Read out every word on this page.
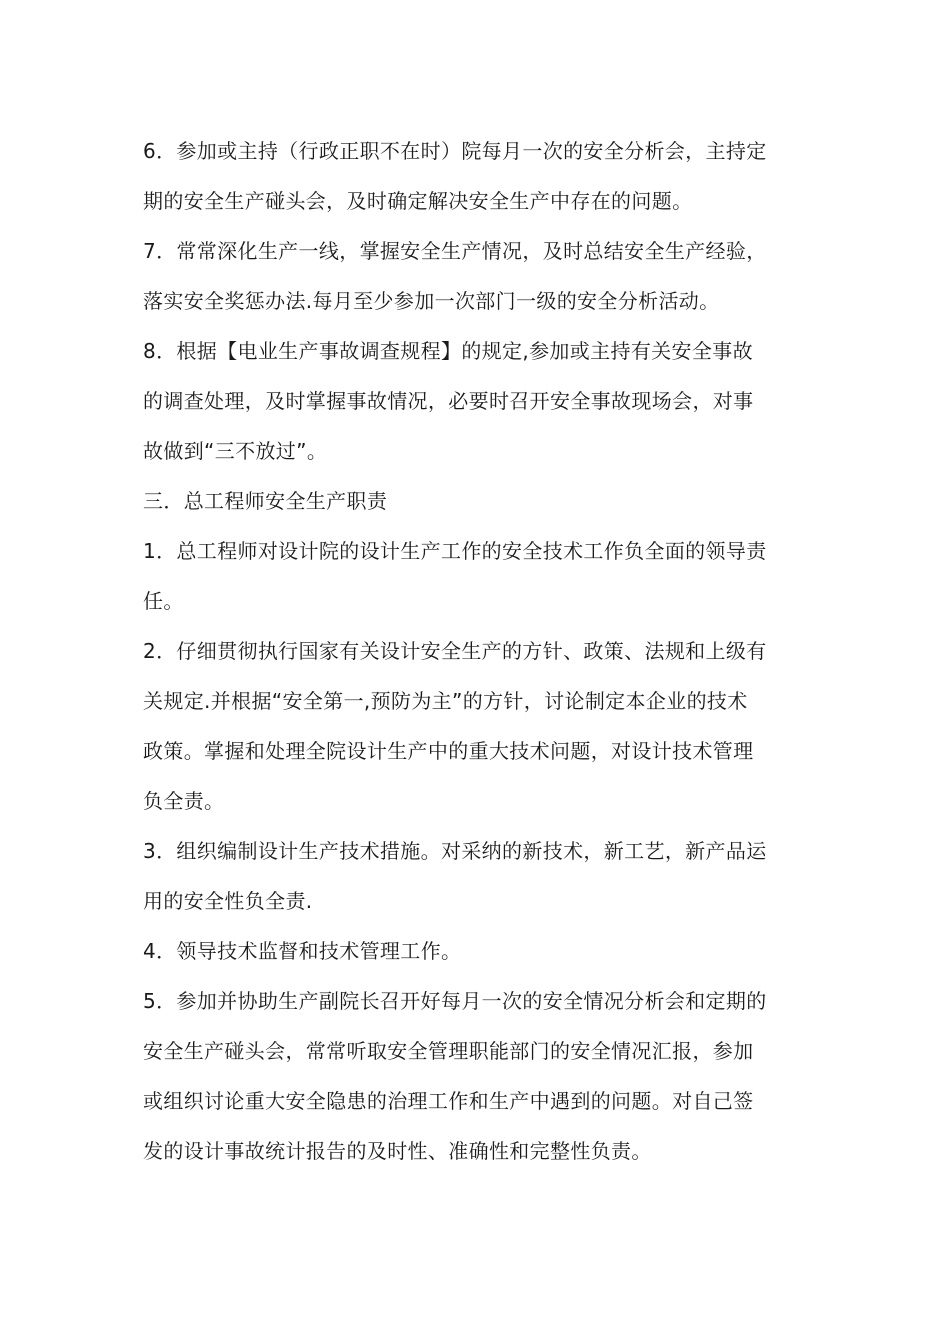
6．参加或主持（行政正职不在时）院每月一次的安全分析会，主持定
期的安全生产碰头会，及时确定解决安全生产中存在的问题。

7．常常深化生产一线，掌握安全生产情况，及时总结安全生产经验，
落实安全奖惩办法.每月至少参加一次部门一级的安全分析活动。

8．根据【电业生产事故调查规程】的规定,参加或主持有关安全事故
的调查处理，及时掌握事故情况，必要时召开安全事故现场会，对事
故做到“三不放过”。

三．总工程师安全生产职责

1．总工程师对设计院的设计生产工作的安全技术工作负全面的领导责
任。

2．仔细贯彻执行国家有关设计安全生产的方针、政策、法规和上级有
关规定.并根据“安全第一,预防为主”的方针，讨论制定本企业的技术
政策。掌握和处理全院设计生产中的重大技术问题，对设计技术管理
负全责。

3．组织编制设计生产技术措施。对采纳的新技术，新工艺，新产品运
用的安全性负全责.

4．领导技术监督和技术管理工作。

5．参加并协助生产副院长召开好每月一次的安全情况分析会和定期的
安全生产碰头会，常常听取安全管理职能部门的安全情况汇报，参加
或组织讨论重大安全隐患的治理工作和生产中遇到的问题。对自己签
发的设计事故统计报告的及时性、准确性和完整性负责。
